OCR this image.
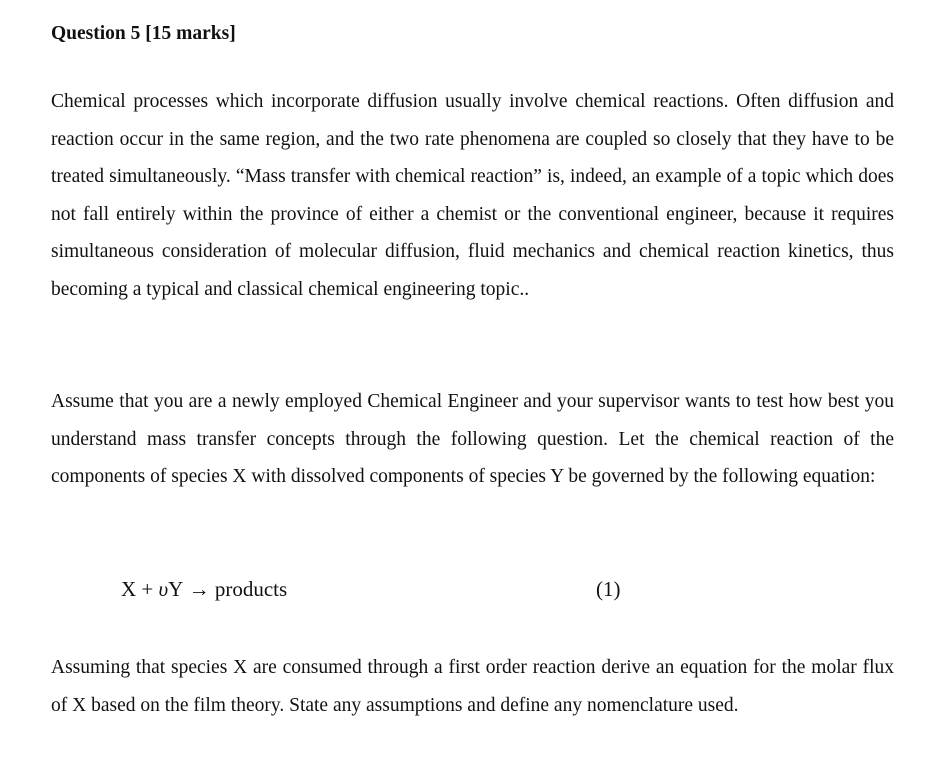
Question 5 [15 marks]

Chemical processes which incorporate diffusion usually involve chemical reactions. Often diffusion and reaction occur in the same region, and the two rate phenomena are coupled so closely that they have to be treated simultaneously. “Mass transfer with chemical reaction” is, indeed, an example of a topic which does not fall entirely within the province of either a chemist or the conventional engineer, because it requires simultaneous consideration of molecular diffusion, fluid mechanics and chemical reaction kinetics, thus becoming a typical and classical chemical engineering topic..

Assume that you are a newly employed Chemical Engineer and your supervisor wants to test how best you understand mass transfer concepts through the following question. Let the chemical reaction of the components of species X with dissolved components of species Y be governed by the following equation:

X + υY → products	(1)

Assuming that species X are consumed through a first order reaction derive an equation for the molar flux of X based on the film theory. State any assumptions and define any nomenclature used.
